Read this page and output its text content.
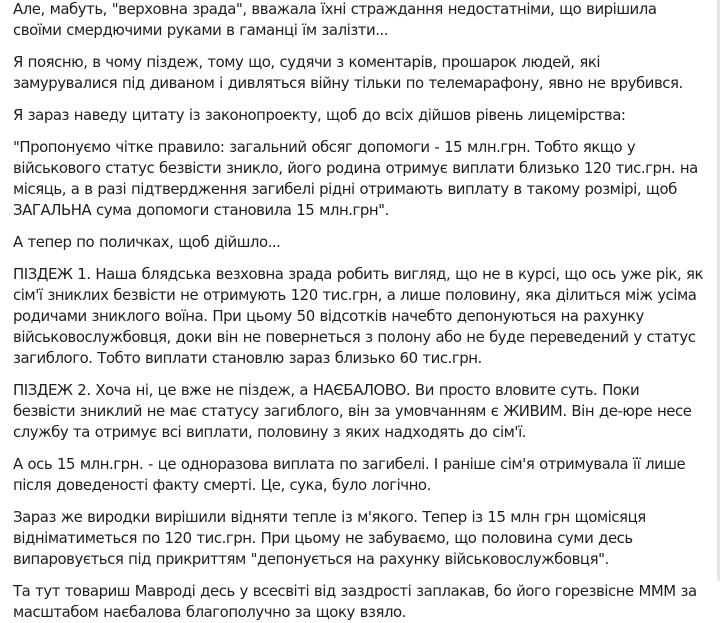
Але, мабуть, "верховна зрада", вважала їхні страждання недостатніми, що вирішила своїми смердючими руками в гаманці їм залізти...

Я поясню, в чому піздеж, тому що, судячи з коментарів, прошарок людей, які замурувалися під диваном і дивляться війну тільки по телемарафону, явно не врубився.

Я зараз наведу цитату із законопроекту, щоб до всіх дійшов рівень лицемірства:

"Пропонуємо чітке правило: загальний обсяг допомоги - 15 млн.грн. Тобто якщо у військового статус безвісти зникло, його родина отримує виплати близько 120 тис.грн. на місяць, а в разі підтвердження загибелі рідні отримають виплату в такому розмірі, щоб ЗАГАЛЬНА сума допомоги становила 15 млн.грн".

А тепер по поличках, щоб дійшло...

ПІЗДЕЖ 1. Наша блядська везховна зрада робить вигляд, що не в курсі, що ось уже рік, як сім'ї зниклих безвісти не отримують 120 тис.грн, а лише половину, яка ділиться між усіма родичами зниклого воїна. При цьому 50 відсотків начебто депонуються на рахунку військовослужбовця, доки він не повернеться з полону або не буде переведений у статус загиблого. Тобто виплати становлю зараз близько 60 тис.грн.

ПІЗДЕЖ 2. Хоча ні, це вже не піздеж, а НАЄБАЛОВО. Ви просто вловите суть. Поки безвісти зниклий не має статусу загиблого, він за умовчанням є ЖИВИМ. Він де-юре несе службу та отримує всі виплати, половину з яких надходять до сім'ї.

А ось 15 млн.грн. - це одноразова виплата по загибелі. І раніше сім'я отримувала її лише після доведеності факту смерті. Це, сука, було логічно.

Зараз же виродки вирішили відняти тепле із м'якого. Тепер із 15 млн грн щомісяця відніматиметься по 120 тис.грн. При цьому не забуваємо, що половина суми десь випаровується під прикриттям "депонується на рахунку військовослужбовця".

Та тут товариш Мавроді десь у всесвіті від заздрості заплакав, бо його горезвісне МММ за масштабом наєбалова благополучно за щоку взяло.
